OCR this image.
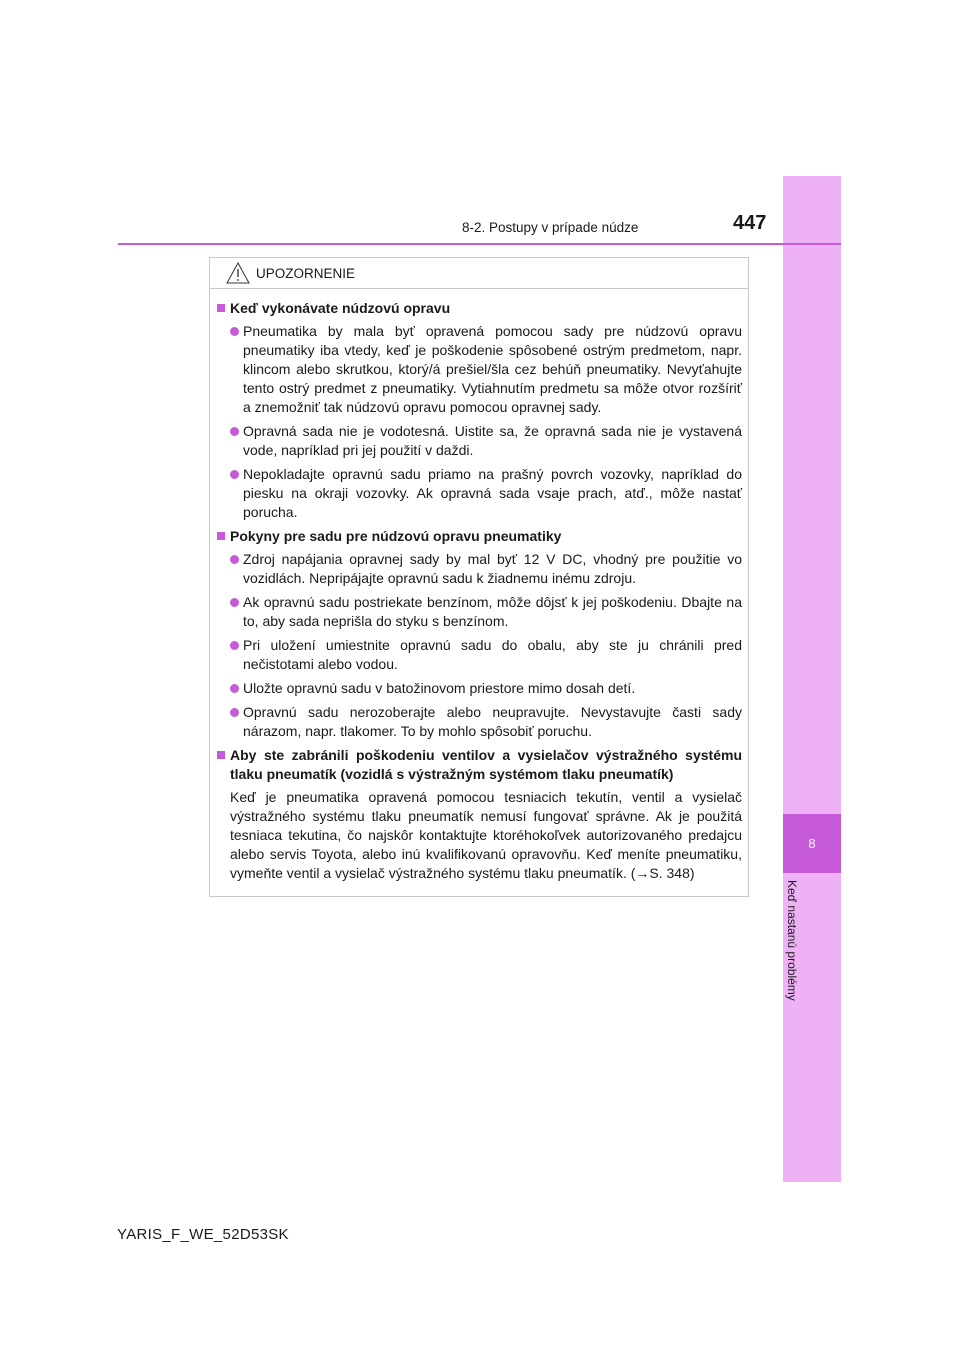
8
Keď nastanú problémy
8-2. Postupy v prípade núdze	447
UPOZORNENIE
Keď vykonávate núdzovú opravu
Pneumatika by mala byť opravená pomocou sady pre núdzovú opravu pneumatiky iba vtedy, keď je poškodenie spôsobené ostrým predmetom, napr. klincom alebo skrutkou, ktorý/á prešiel/šla cez behúň pneumatiky. Nevyťahujte tento ostrý predmet z pneumatiky. Vytiahnutím predmetu sa môže otvor rozšíriť a znemožniť tak núdzovú opravu pomocou opravnej sady.
Opravná sada nie je vodotesná. Uistite sa, že opravná sada nie je vystavená vode, napríklad pri jej použití v daždi.
Nepokladajte opravnú sadu priamo na prašný povrch vozovky, napríklad do piesku na okraji vozovky. Ak opravná sada vsaje prach, atď., môže nastať porucha.
Pokyny pre sadu pre núdzovú opravu pneumatiky
Zdroj napájania opravnej sady by mal byť 12 V DC, vhodný pre použitie vo vozidlách. Nepripájajte opravnú sadu k žiadnemu inému zdroju.
Ak opravnú sadu postriekate benzínom, môže dôjsť k jej poškodeniu. Dbajte na to, aby sada neprišla do styku s benzínom.
Pri uložení umiestnite opravnú sadu do obalu, aby ste ju chránili pred nečistotami alebo vodou.
Uložte opravnú sadu v batožinovom priestore mimo dosah detí.
Opravnú sadu nerozoberajte alebo neupravujte. Nevystavujte časti sady nárazom, napr. tlakomer. To by mohlo spôsobiť poruchu.
Aby ste zabránili poškodeniu ventilov a vysielačov výstražného systému tlaku pneumatík (vozidlá s výstražným systémom tlaku pneumatík)
Keď je pneumatika opravená pomocou tesniacich tekutín, ventil a vysielač výstražného systému tlaku pneumatík nemusí fungovať správne. Ak je použitá tesniaca tekutina, čo najskôr kontaktujte ktoréhokoľvek autorizovaného predajcu alebo servis Toyota, alebo inú kvalifikovanú opravovňu. Keď meníte pneumatiku, vymeňte ventil a vysielač výstražného systému tlaku pneumatík. (→S. 348)
YARIS_F_WE_52D53SK
